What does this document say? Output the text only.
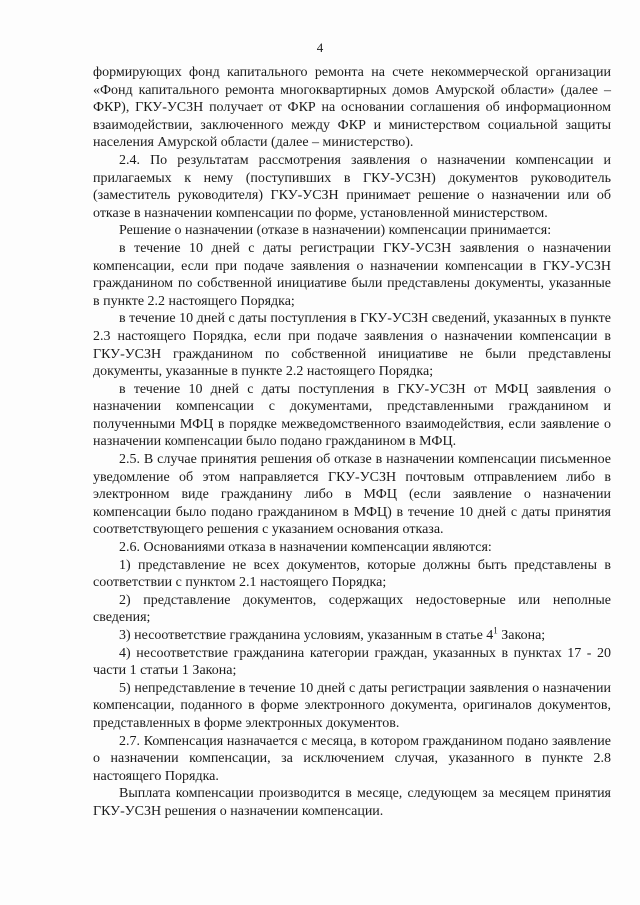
4

формирующих фонд капитального ремонта на счете некоммерческой организации «Фонд капитального ремонта многоквартирных домов Амурской области» (далее – ФКР), ГКУ-УСЗН получает от ФКР на основании соглашения об информационном взаимодействии, заключенного между ФКР и министерством социальной защиты населения Амурской области (далее – министерство).

2.4. По результатам рассмотрения заявления о назначении компенсации и прилагаемых к нему (поступивших в ГКУ-УСЗН) документов руководитель (заместитель руководителя) ГКУ-УСЗН принимает решение о назначении или об отказе в назначении компенсации по форме, установленной министерством.

Решение о назначении (отказе в назначении) компенсации принимается:

в течение 10 дней с даты регистрации ГКУ-УСЗН заявления о назначении компенсации, если при подаче заявления о назначении компенсации в ГКУ-УСЗН гражданином по собственной инициативе были представлены документы, указанные в пункте 2.2 настоящего Порядка;

в течение 10 дней с даты поступления в ГКУ-УСЗН сведений, указанных в пункте 2.3 настоящего Порядка, если при подаче заявления о назначении компенсации в ГКУ-УСЗН гражданином по собственной инициативе не были представлены документы, указанные в пункте 2.2 настоящего Порядка;

в течение 10 дней с даты поступления в ГКУ-УСЗН от МФЦ заявления о назначении компенсации с документами, представленными гражданином и полученными МФЦ в порядке межведомственного взаимодействия, если заявление о назначении компенсации было подано гражданином в МФЦ.

2.5. В случае принятия решения об отказе в назначении компенсации письменное уведомление об этом направляется ГКУ-УСЗН почтовым отправлением либо в электронном виде гражданину либо в МФЦ (если заявление о назначении компенсации было подано гражданином в МФЦ) в течение 10 дней с даты принятия соответствующего решения с указанием основания отказа.

2.6. Основаниями отказа в назначении компенсации являются:

1) представление не всех документов, которые должны быть представлены в соответствии с пунктом 2.1 настоящего Порядка;

2) представление документов, содержащих недостоверные или неполные сведения;

3) несоответствие гражданина условиям, указанным в статье $4^1$ Закона;

4) несоответствие гражданина категории граждан, указанных в пунктах 17 - 20 части 1 статьи 1 Закона;

5) непредставление в течение 10 дней с даты регистрации заявления о назначении компенсации, поданного в форме электронного документа, оригиналов документов, представленных в форме электронных документов.

2.7. Компенсация назначается с месяца, в котором гражданином подано заявление о назначении компенсации, за исключением случая, указанного в пункте 2.8 настоящего Порядка.

Выплата компенсации производится в месяце, следующем за месяцем принятия ГКУ-УСЗН решения о назначении компенсации.
